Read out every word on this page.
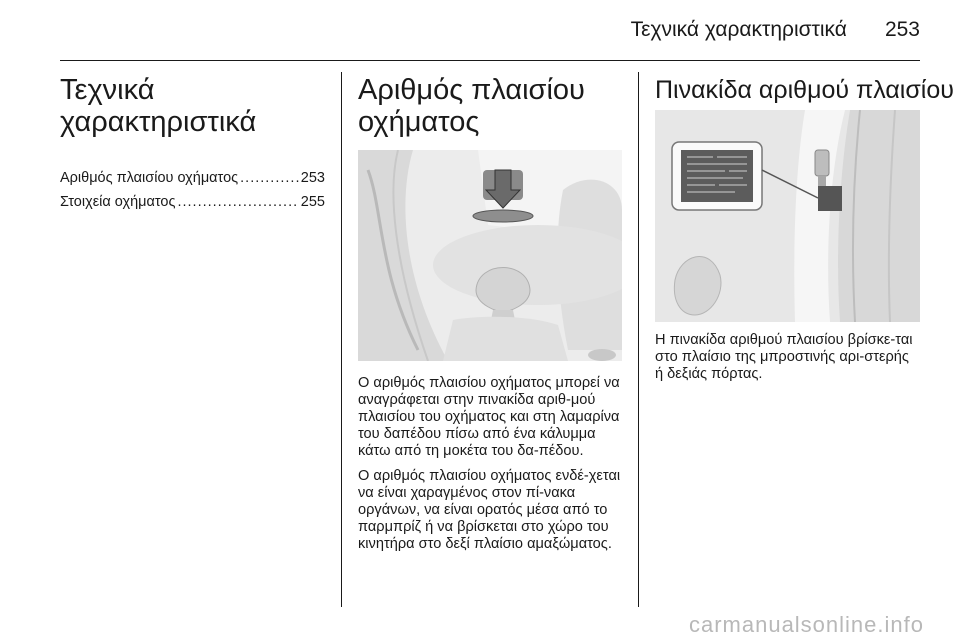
Τεχνικά χαρακτηριστικά 253
Τεχνικά
χαρακτηριστικά
Αριθμός πλαισίου οχήματος .....	253
Στοιχεία οχήματος .....	255
Αριθμός πλαισίου
οχήματος

Ο αριθμός πλαισίου οχήματος μπορεί να αναγράφεται στην πινακίδα αριθ-μού πλαισίου του οχήματος και στη λαμαρίνα του δαπέδου πίσω από ένα κάλυμμα κάτω από τη μοκέτα του δα-πέδου.

Ο αριθμός πλαισίου οχήματος ενδέ-χεται να είναι χαραγμένος στον πί-νακα οργάνων, να είναι ορατός μέσα από το παρμπρίζ ή να βρίσκεται στο χώρο του κινητήρα στο δεξί πλαίσιο αμαξώματος.

Πινακίδα αριθμού πλαισίου

Η πινακίδα αριθμού πλαισίου βρίσκε-ται στο πλαίσιο της μπροστινής αρι-στερής ή δεξιάς πόρτας.

carmanualsonline.info
